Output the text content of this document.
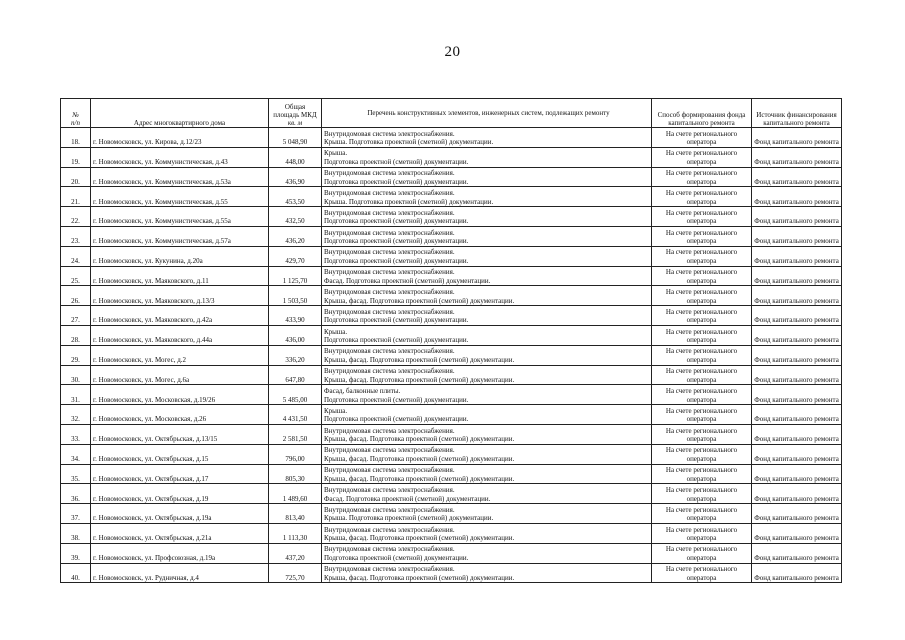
20
№
п/п	Адрес многоквартирного дома	Общая
площадь МКД
кв. м	Перечень конструктивных элементов, инженерных систем, подлежащих ремонту	Способ формирования фонда капитального ремонта	Источник финансирования капитального ремонта
18.	г. Новомосковск, ул. Кирова, д.12/23	5 048,90	Внутридомовая система электроснабжения.
Крыша. Подготовка проектной (сметной) документации.	На счете регионального оператора	Фонд капитального ремонта
19.	г. Новомосковск, ул. Коммунистическая, д.43	448,00	Крыша.
Подготовка проектной (сметной) документации.	На счете регионального оператора	Фонд капитального ремонта
20.	г. Новомосковск, ул. Коммунистическая, д.53а	436,90	Внутридомовая система электроснабжения.
Подготовка проектной (сметной) документации.	На счете регионального оператора	Фонд капитального ремонта
21.	г. Новомосковск, ул. Коммунистическая, д.55	453,50	Внутридомовая система электроснабжения.
Крыша. Подготовка проектной (сметной) документации.	На счете регионального оператора	Фонд капитального ремонта
22.	г. Новомосковск, ул. Коммунистическая, д.55а	432,50	Внутридомовая система электроснабжения.
Подготовка проектной (сметной) документации.	На счете регионального оператора	Фонд капитального ремонта
23.	г. Новомосковск, ул. Коммунистическая, д.57а	436,20	Внутридомовая система электроснабжения.
Подготовка проектной (сметной) документации.	На счете регионального оператора	Фонд капитального ремонта
24.	г. Новомосковск, ул. Кукунина, д.20а	429,70	Внутридомовая система электроснабжения.
Подготовка проектной (сметной) документации.	На счете регионального оператора	Фонд капитального ремонта
25.	г. Новомосковск, ул. Маяковского, д.11	1 125,70	Внутридомовая система электроснабжения.
Фасад. Подготовка проектной (сметной) документации.	На счете регионального оператора	Фонд капитального ремонта
26.	г. Новомосковск, ул. Маяковского, д.13/3	1 503,50	Внутридомовая система электроснабжения.
Крыша, фасад. Подготовка проектной (сметной) документации.	На счете регионального оператора	Фонд капитального ремонта
27.	г. Новомосковск, ул. Маяковского, д.42а	433,90	Внутридомовая система электроснабжения.
Подготовка проектной (сметной) документации.	На счете регионального оператора	Фонд капитального ремонта
28.	г. Новомосковск, ул. Маяковского, д.44а	436,00	Крыша.
Подготовка проектной (сметной) документации.	На счете регионального оператора	Фонд капитального ремонта
29.	г. Новомосковск, ул. Могес, д.2	336,20	Внутридомовая система электроснабжения.
Крыша, фасад. Подготовка проектной (сметной) документации.	На счете регионального оператора	Фонд капитального ремонта
30.	г. Новомосковск, ул. Могес, д.6а	647,80	Внутридомовая система электроснабжения.
Крыша, фасад. Подготовка проектной (сметной) документации.	На счете регионального оператора	Фонд капитального ремонта
31.	г. Новомосковск, ул. Московская, д.19/26	5 485,00	Фасад, балконные плиты.
Подготовка проектной (сметной) документации.	На счете регионального оператора	Фонд капитального ремонта
32.	г. Новомосковск, ул. Московская, д.26	4 431,50	Крыша.
Подготовка проектной (сметной) документации.	На счете регионального оператора	Фонд капитального ремонта
33.	г. Новомосковск, ул. Октябрьская, д.13/15	2 581,50	Внутридомовая система электроснабжения.
Крыша, фасад. Подготовка проектной (сметной) документации.	На счете регионального оператора	Фонд капитального ремонта
34.	г. Новомосковск, ул. Октябрьская, д.15	796,00	Внутридомовая система электроснабжения.
Крыша, фасад. Подготовка проектной (сметной) документации.	На счете регионального оператора	Фонд капитального ремонта
35.	г. Новомосковск, ул. Октябрьская, д.17	805,30	Внутридомовая система электроснабжения.
Крыша, фасад. Подготовка проектной (сметной) документации.	На счете регионального оператора	Фонд капитального ремонта
36.	г. Новомосковск, ул. Октябрьская, д.19	1 489,60	Внутридомовая система электроснабжения.
Фасад. Подготовка проектной (сметной) документации.	На счете регионального оператора	Фонд капитального ремонта
37.	г. Новомосковск, ул. Октябрьская, д.19а	813,40	Внутридомовая система электроснабжения.
Крыша. Подготовка проектной (сметной) документации.	На счете регионального оператора	Фонд капитального ремонта
38.	г. Новомосковск, ул. Октябрьская, д.21а	1 113,30	Внутридомовая система электроснабжения.
Крыша, фасад. Подготовка проектной (сметной) документации.	На счете регионального оператора	Фонд капитального ремонта
39.	г. Новомосковск, ул. Профсоюзная, д.19а	437,20	Внутридомовая система электроснабжения.
Подготовка проектной (сметной) документации.	На счете регионального оператора	Фонд капитального ремонта
40.	г. Новомосковск, ул. Рудничная, д.4	725,70	Внутридомовая система электроснабжения.
Крыша, фасад. Подготовка проектной (сметной) документации.	На счете регионального оператора	Фонд капитального ремонта
